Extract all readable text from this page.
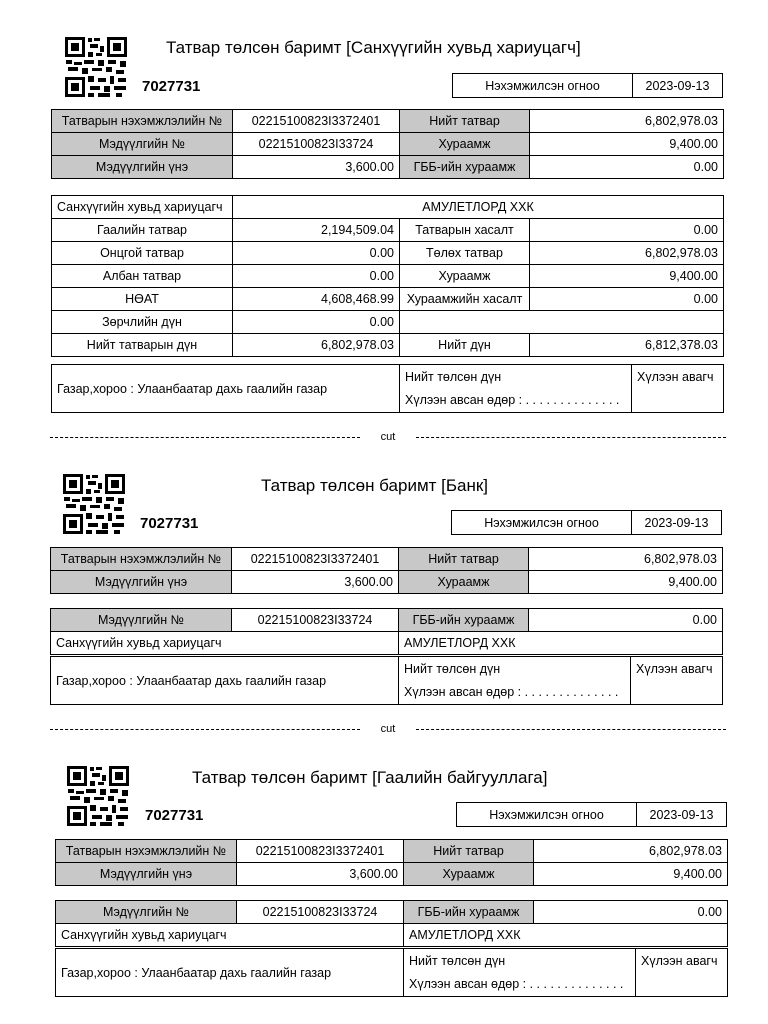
Татвар төлсөн баримт [Санхүүгийн хувьд хариуцагч]
7027731	Нэхэмжилсэн огноо	2023-09-13
Татварын нэхэмжлэлийн №	02215100823I3372401	Нийт татвар	6,802,978.03
Мэдүүлгийн №	02215100823I33724	Хураамж	9,400.00
Мэдүүлгийн үнэ	3,600.00	ГББ-ийн хураамж	0.00
Санхүүгийн хувьд хариуцагч	АМУЛЕТЛОРД ХХК		
Гаалийн татвар	2,194,509.04	Татварын хасалт	0.00
Онцгой татвар	0.00	Төлөх татвар	6,802,978.03
Албан татвар	0.00	Хураамж	9,400.00
НӨАТ	4,608,468.99	Хураамжийн хасалт	0.00
Зөрчлийн дүн	0.00		
Нийт татварын дүн	6,802,978.03	Нийт дүн	6,812,378.03
Газар,хороо : Улаанбаатар дахь гаалийн газар	Нийт төлсөн дүн	Хүлээн авагч
Хүлээн авсан өдөр : . . . . . . . . . . . . . .
cut
Татвар төлсөн баримт [Банк]
7027731	Нэхэмжилсэн огноо	2023-09-13
Татварын нэхэмжлэлийн №	02215100823I3372401	Нийт татвар	6,802,978.03
Мэдүүлгийн үнэ	3,600.00	Хураамж	9,400.00
Мэдүүлгийн №	02215100823I33724	ГББ-ийн хураамж	0.00
Санхүүгийн хувьд хариуцагч		АМУЛЕТЛОРД ХХК	
Газар,хороо : Улаанбаатар дахь гаалийн газар	Нийт төлсөн дүн	Хүлээн авагч
Хүлээн авсан өдөр : . . . . . . . . . . . . . .
cut
Татвар төлсөн баримт [Гаалийн байгууллага]
7027731	Нэхэмжилсэн огноо	2023-09-13
Татварын нэхэмжлэлийн №	02215100823I3372401	Нийт татвар	6,802,978.03
Мэдүүлгийн үнэ	3,600.00	Хураамж	9,400.00
Мэдүүлгийн №	02215100823I33724	ГББ-ийн хураамж	0.00
Санхүүгийн хувьд хариуцагч		АМУЛЕТЛОРД ХХК	
Газар,хороо : Улаанбаатар дахь гаалийн газар	Нийт төлсөн дүн	Хүлээн авагч
Хүлээн авсан өдөр : . . . . . . . . . . . . . .
